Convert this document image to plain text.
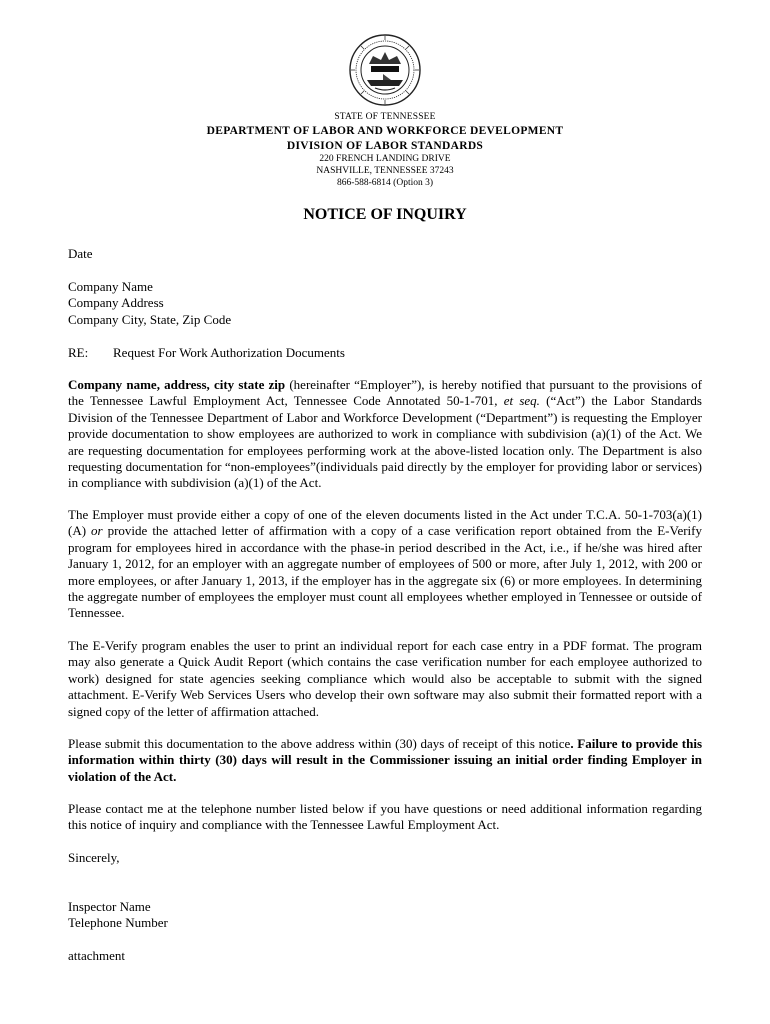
STATE OF TENNESSEE
DEPARTMENT OF LABOR AND WORKFORCE DEVELOPMENT
DIVISION OF LABOR STANDARDS
220 FRENCH LANDING DRIVE
NASHVILLE, TENNESSEE 37243
866-588-6814 (Option 3)
NOTICE OF INQUIRY
Date
Company Name
Company Address
Company City, State, Zip Code
RE: Request For Work Authorization Documents
Company name, address, city state zip (hereinafter “Employer”), is hereby notified that pursuant to the provisions of the Tennessee Lawful Employment Act, Tennessee Code Annotated 50-1-701, et seq. (“Act”) the Labor Standards Division of the Tennessee Department of Labor and Workforce Development (“Department”) is requesting the Employer provide documentation to show employees are authorized to work in compliance with subdivision (a)(1) of the Act. We are requesting documentation for employees performing work at the above-listed location only. The Department is also requesting documentation for “non-employees”(individuals paid directly by the employer for providing labor or services) in compliance with subdivision (a)(1) of the Act.
The Employer must provide either a copy of one of the eleven documents listed in the Act under T.C.A. 50-1-703(a)(1)(A) or provide the attached letter of affirmation with a copy of a case verification report obtained from the E-Verify program for employees hired in accordance with the phase-in period described in the Act, i.e., if he/she was hired after January 1, 2012, for an employer with an aggregate number of employees of 500 or more, after July 1, 2012, with 200 or more employees, or after January 1, 2013, if the employer has in the aggregate six (6) or more employees. In determining the aggregate number of employees the employer must count all employees whether employed in Tennessee or outside of Tennessee.
The E-Verify program enables the user to print an individual report for each case entry in a PDF format. The program may also generate a Quick Audit Report (which contains the case verification number for each employee authorized to work) designed for state agencies seeking compliance which would also be acceptable to submit with the signed attachment. E-Verify Web Services Users who develop their own software may also submit their formatted report with a signed copy of the letter of affirmation attached.
Please submit this documentation to the above address within (30) days of receipt of this notice. Failure to provide this information within thirty (30) days will result in the Commissioner issuing an initial order finding Employer in violation of the Act.
Please contact me at the telephone number listed below if you have questions or need additional information regarding this notice of inquiry and compliance with the Tennessee Lawful Employment Act.
Sincerely,
Inspector Name
Telephone Number
attachment
